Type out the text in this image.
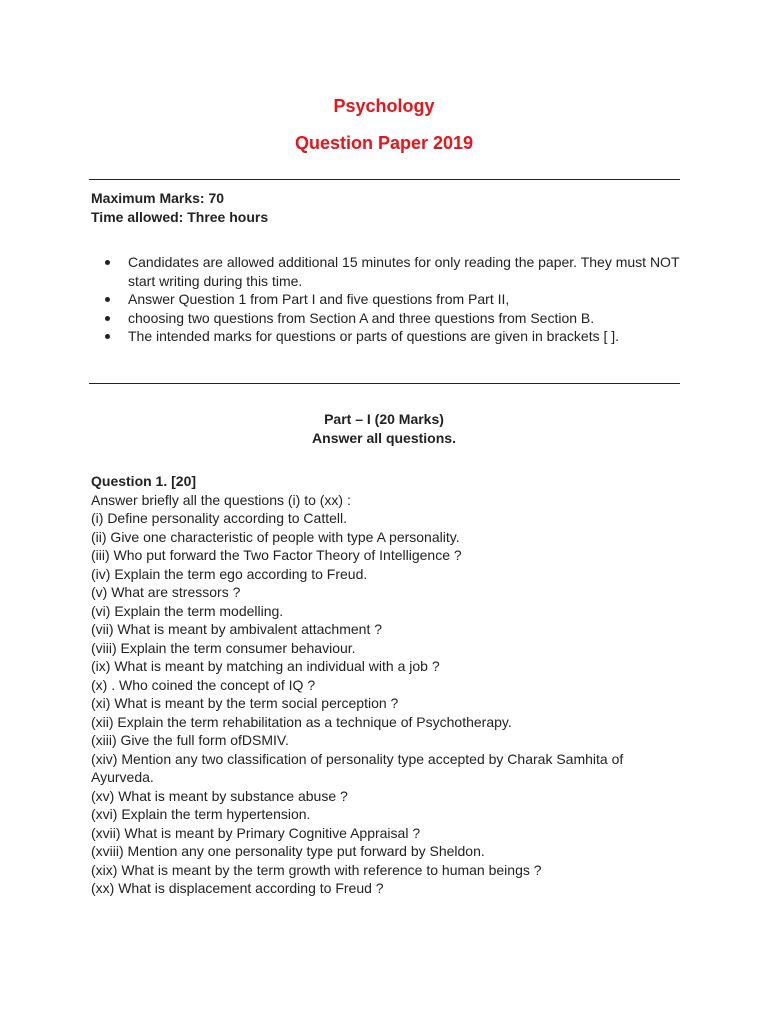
Psychology
Question Paper 2019
Maximum Marks: 70
Time allowed: Three hours
Candidates are allowed additional 15 minutes for only reading the paper. They must NOT start writing during this time.
Answer Question 1 from Part I and five questions from Part II,
choosing two questions from Section A and three questions from Section B.
The intended marks for questions or parts of questions are given in brackets [ ].
Part – I (20 Marks)
Answer all questions.
Question 1. [20]
Answer briefly all the questions (i) to (xx) :
(i) Define personality according to Cattell.
(ii) Give one characteristic of people with type A personality.
(iii) Who put forward the Two Factor Theory of Intelligence ?
(iv) Explain the term ego according to Freud.
(v) What are stressors ?
(vi) Explain the term modelling.
(vii) What is meant by ambivalent attachment ?
(viii) Explain the term consumer behaviour.
(ix) What is meant by matching an individual with a job ?
(x) . Who coined the concept of IQ ?
(xi) What is meant by the term social perception ?
(xii) Explain the term rehabilitation as a technique of Psychotherapy.
(xiii) Give the full form ofDSMIV.
(xiv) Mention any two classification of personality type accepted by Charak Samhita of Ayurveda.
(xv) What is meant by substance abuse ?
(xvi) Explain the term hypertension.
(xvii) What is meant by Primary Cognitive Appraisal ?
(xviii) Mention any one personality type put forward by Sheldon.
(xix) What is meant by the term growth with reference to human beings ?
(xx) What is displacement according to Freud ?
